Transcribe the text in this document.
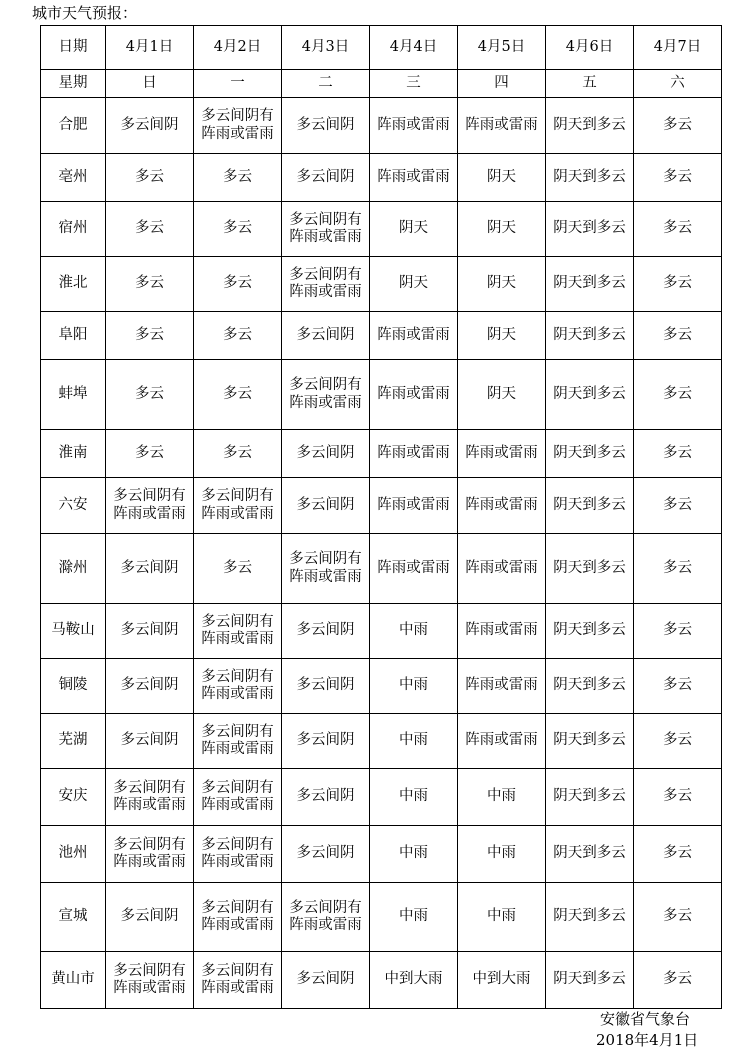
城市天气预报：
日期	4月1日	4月2日	4月3日	4月4日	4月5日	4月6日	4月7日
星期	日	一	二	三	四	五	六
合肥	多云间阴	多云间阴有阵雨或雷雨	多云间阴	阵雨或雷雨	阵雨或雷雨	阴天到多云	多云
亳州	多云	多云	多云间阴	阵雨或雷雨	阴天	阴天到多云	多云
宿州	多云	多云	多云间阴有阵雨或雷雨	阴天	阴天	阴天到多云	多云
淮北	多云	多云	多云间阴有阵雨或雷雨	阴天	阴天	阴天到多云	多云
阜阳	多云	多云	多云间阴	阵雨或雷雨	阴天	阴天到多云	多云
蚌埠	多云	多云	多云间阴有阵雨或雷雨	阵雨或雷雨	阴天	阴天到多云	多云
淮南	多云	多云	多云间阴	阵雨或雷雨	阵雨或雷雨	阴天到多云	多云
六安	多云间阴有阵雨或雷雨	多云间阴有阵雨或雷雨	多云间阴	阵雨或雷雨	阵雨或雷雨	阴天到多云	多云
滁州	多云间阴	多云	多云间阴有阵雨或雷雨	阵雨或雷雨	阵雨或雷雨	阴天到多云	多云
马鞍山	多云间阴	多云间阴有阵雨或雷雨	多云间阴	中雨	阵雨或雷雨	阴天到多云	多云
铜陵	多云间阴	多云间阴有阵雨或雷雨	多云间阴	中雨	阵雨或雷雨	阴天到多云	多云
芜湖	多云间阴	多云间阴有阵雨或雷雨	多云间阴	中雨	阵雨或雷雨	阴天到多云	多云
安庆	多云间阴有阵雨或雷雨	多云间阴有阵雨或雷雨	多云间阴	中雨	中雨	阴天到多云	多云
池州	多云间阴有阵雨或雷雨	多云间阴有阵雨或雷雨	多云间阴	中雨	中雨	阴天到多云	多云
宣城	多云间阴	多云间阴有阵雨或雷雨	多云间阴有阵雨或雷雨	中雨	中雨	阴天到多云	多云
黄山市	多云间阴有阵雨或雷雨	多云间阴有阵雨或雷雨	多云间阴	中到大雨	中到大雨	阴天到多云	多云
安徽省气象台
2018年4月1日
